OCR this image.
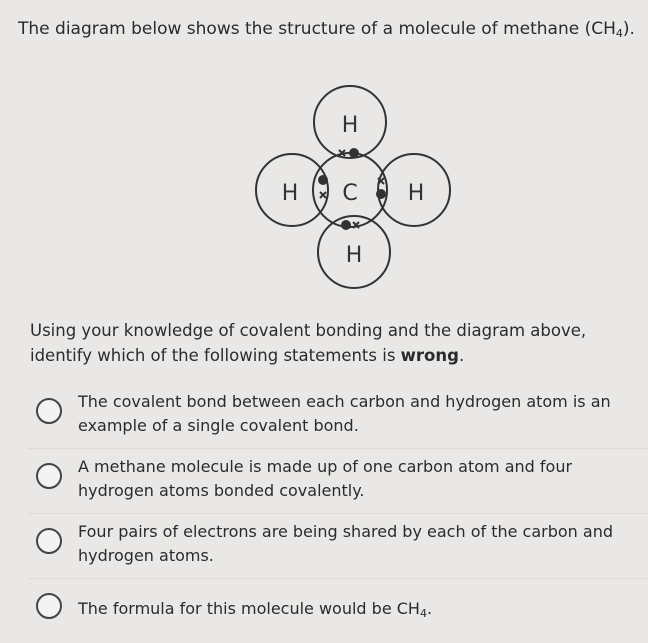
The diagram below shows the structure of a molecule of methane $(CH_4)$.
H
H C H
H
Using your knowledge of covalent bonding and the diagram above, identify which of the following statements is wrong.
The covalent bond between each carbon and hydrogen atom is an example of a single covalent bond.
A methane molecule is made up of one carbon atom and four hydrogen atoms bonded covalently.
Four pairs of electrons are being shared by each of the carbon and hydrogen atoms.
The formula for this molecule would be $CH_4$.
